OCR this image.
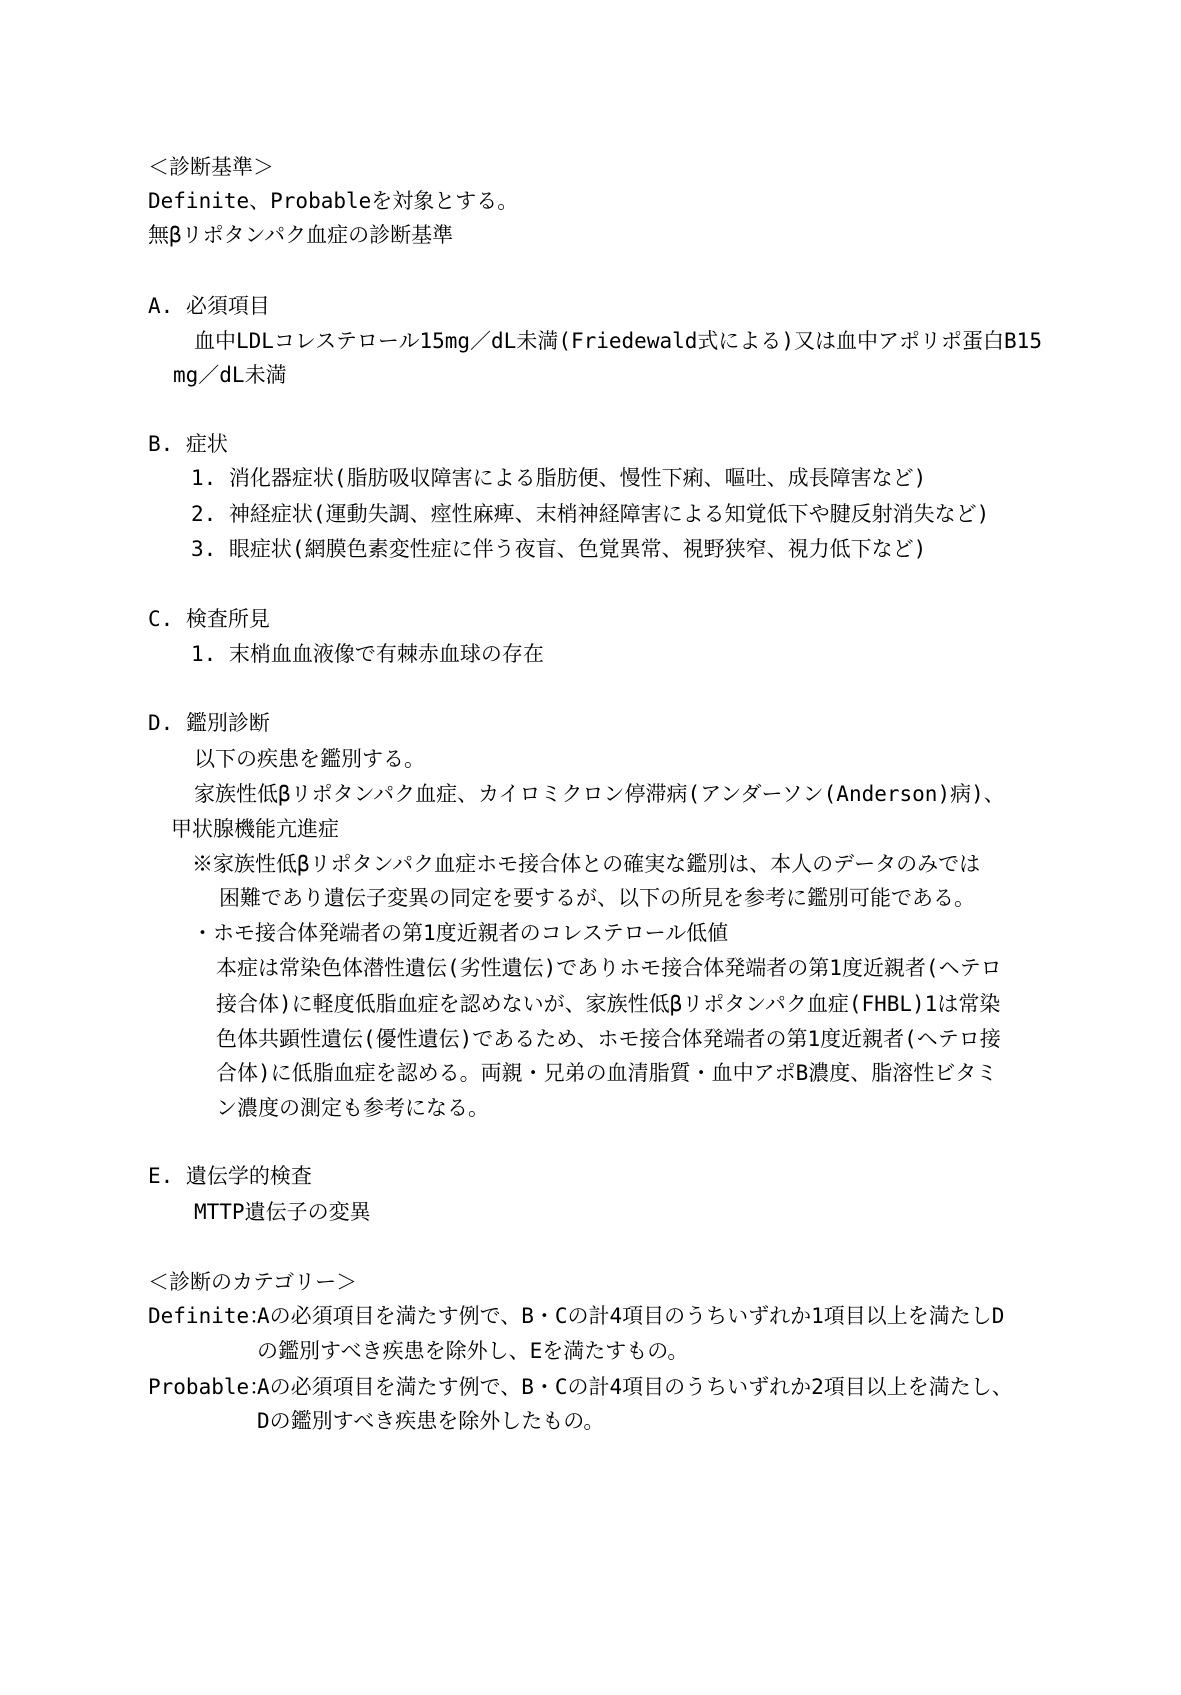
＜診断基準＞
Definite、Probableを対象とする。
無βリポタンパク血症の診断基準
A. 必須項目
血中LDLコレステロール15mg／dL未満(Friedewald式による)又は血中アポリポ蛋白B15
mg／dL未満
B. 症状
1. 消化器症状(脂肪吸収障害による脂肪便、慢性下痢、嘔吐、成長障害など)
2. 神経症状(運動失調、痙性麻痺、末梢神経障害による知覚低下や腱反射消失など)
3. 眼症状(網膜色素変性症に伴う夜盲、色覚異常、視野狭窄、視力低下など)
C. 検査所見
1. 末梢血血液像で有棘赤血球の存在
D. 鑑別診断
以下の疾患を鑑別する。
家族性低βリポタンパク血症、カイロミクロン停滞病(アンダーソン(Anderson)病)、
甲状腺機能亢進症
※家族性低βリポタンパク血症ホモ接合体との確実な鑑別は、本人のデータのみでは
困難であり遺伝子変異の同定を要するが、以下の所見を参考に鑑別可能である。
・ホモ接合体発端者の第1度近親者のコレステロール低値
本症は常染色体潜性遺伝(劣性遺伝)でありホモ接合体発端者の第1度近親者(ヘテロ
接合体)に軽度低脂血症を認めないが、家族性低βリポタンパク血症(FHBL)1は常染
色体共顕性遺伝(優性遺伝)であるため、ホモ接合体発端者の第1度近親者(ヘテロ接
合体)に低脂血症を認める。両親・兄弟の血清脂質・血中アポB濃度、脂溶性ビタミ
ン濃度の測定も参考になる。
E. 遺伝学的検査
MTTP遺伝子の変異
＜診断のカテゴリー＞
Definite：
Aの必須項目を満たす例で、B・Cの計4項目のうちいずれか1項目以上を満たしD
の鑑別すべき疾患を除外し、Eを満たすもの。
Probable：
Aの必須項目を満たす例で、B・Cの計4項目のうちいずれか2項目以上を満たし、
Dの鑑別すべき疾患を除外したもの。
